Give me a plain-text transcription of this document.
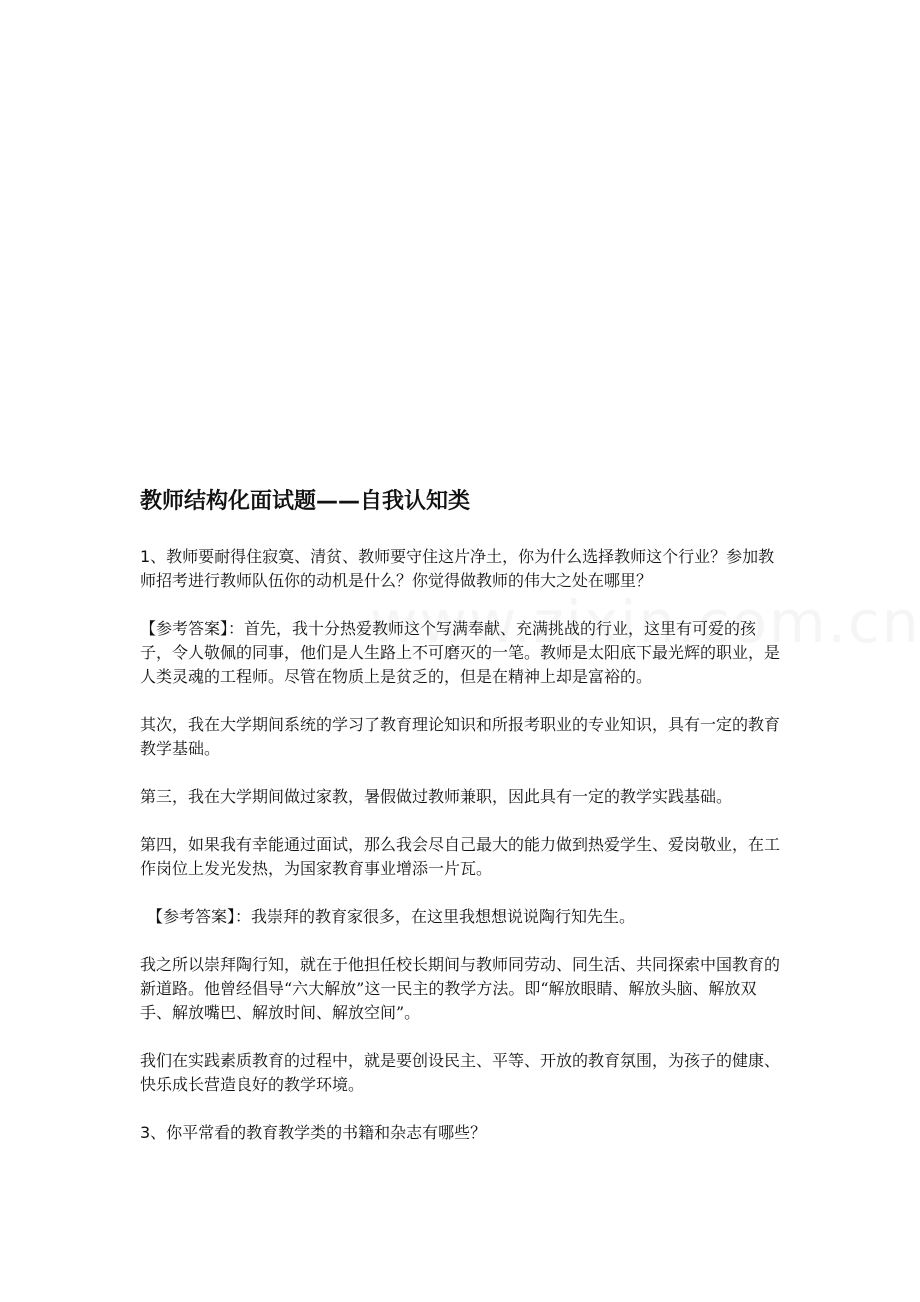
教师结构化面试题——自我认知类

1、教师要耐得住寂寞、清贫、教师要守住这片净土，你为什么选择教师这个行业？参加教师招考进行教师队伍你的动机是什么？你觉得做教师的伟大之处在哪里？

【参考答案】：首先，我十分热爱教师这个写满奉献、充满挑战的行业，这里有可爱的孩子，令人敬佩的同事，他们是人生路上不可磨灭的一笔。教师是太阳底下最光辉的职业，是人类灵魂的工程师。尽管在物质上是贫乏的，但是在精神上却是富裕的。

其次，我在大学期间系统的学习了教育理论知识和所报考职业的专业知识，具有一定的教育教学基础。

第三，我在大学期间做过家教，暑假做过教师兼职，因此具有一定的教学实践基础。

第四，如果我有幸能通过面试，那么我会尽自己最大的能力做到热爱学生、爱岗敬业，在工作岗位上发光发热，为国家教育事业增添一片瓦。

【参考答案】：我崇拜的教育家很多，在这里我想想说说陶行知先生。

我之所以崇拜陶行知，就在于他担任校长期间与教师同劳动、同生活、共同探索中国教育的新道路。他曾经倡导“六大解放”这一民主的教学方法。即“解放眼睛、解放头脑、解放双手、解放嘴巴、解放时间、解放空间”。

我们在实践素质教育的过程中，就是要创设民主、平等、开放的教育氛围，为孩子的健康、快乐成长营造良好的教学环境。

3、你平常看的教育教学类的书籍和杂志有哪些？
